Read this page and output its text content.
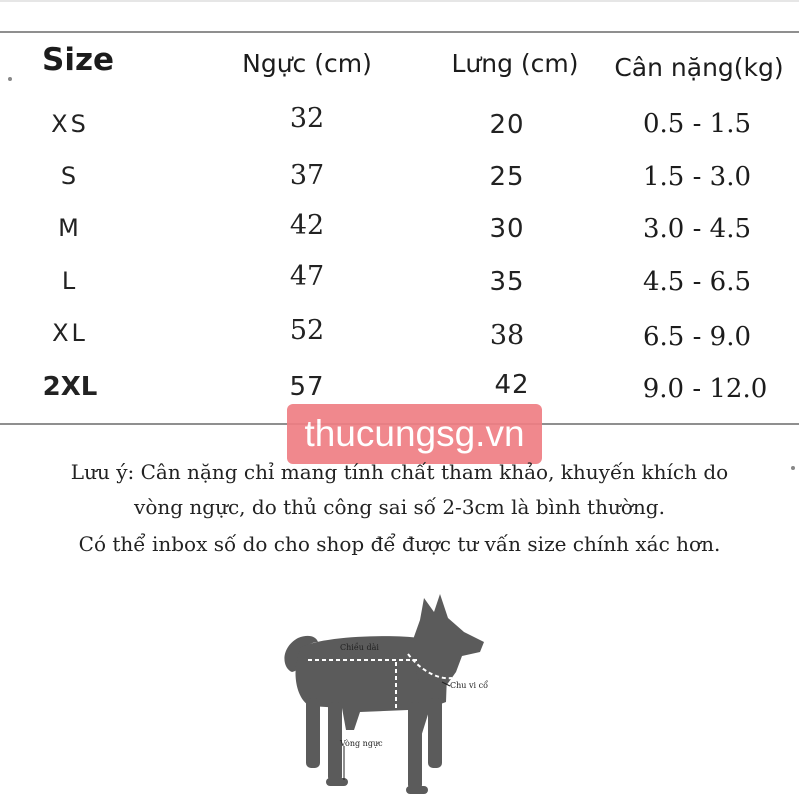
Size	Ngực (cm)	Lưng (cm) Cân nặng(kg)
XS	32	20	0.5 - 1.5
S	37	25	1.5 - 3.0
M	42	30	3.0 - 4.5
L	47	35	4.5 - 6.5
XL	52	38	6.5 - 9.0
2XL	57	42	9.0 - 12.0
thucungsg.vn
Lưu ý: Cân nặng chỉ mang tính chất tham khảo, khuyến khích do
vòng ngực, do thủ công sai số 2-3cm là bình thường.
Có thể inbox số do cho shop để được tư vấn size chính xác hơn.
Chiều dài
Chu vi cổ
Vòng ngực
